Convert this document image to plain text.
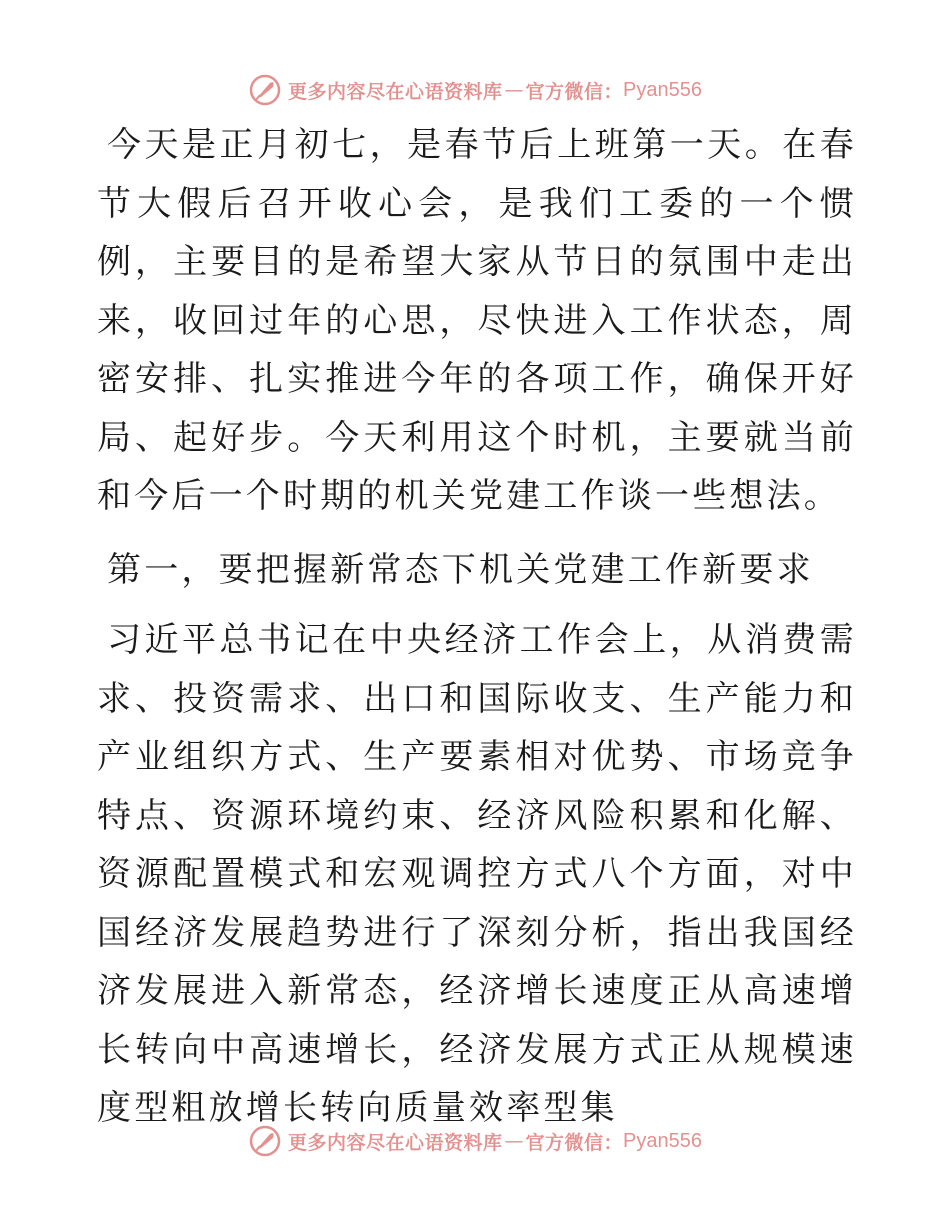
更多内容尽在心语资料库 — 官方微信： Pyan556

今天是正月初七，是春节后上班第一天。在春节大假后召开收心会，是我们工委的一个惯例，主要目的是希望大家从节日的氛围中走出来，收回过年的心思，尽快进入工作状态，周密安排、扎实推进今年的各项工作，确保开好局、起好步。今天利用这个时机，主要就当前和今后一个时期的机关党建工作谈一些想法。

第一，要把握新常态下机关党建工作新要求

习近平总书记在中央经济工作会上，从消费需求、投资需求、出口和国际收支、生产能力和产业组织方式、生产要素相对优势、市场竞争特点、资源环境约束、经济风险积累和化解、资源配置模式和宏观调控方式八个方面，对中国经济发展趋势进行了深刻分析，指出我国经济发展进入新常态，经济增长速度正从高速增长转向中高速增长，经济发展方式正从规模速度型粗放增长转向质量效率型集

更多内容尽在心语资料库 — 官方微信： Pyan556
